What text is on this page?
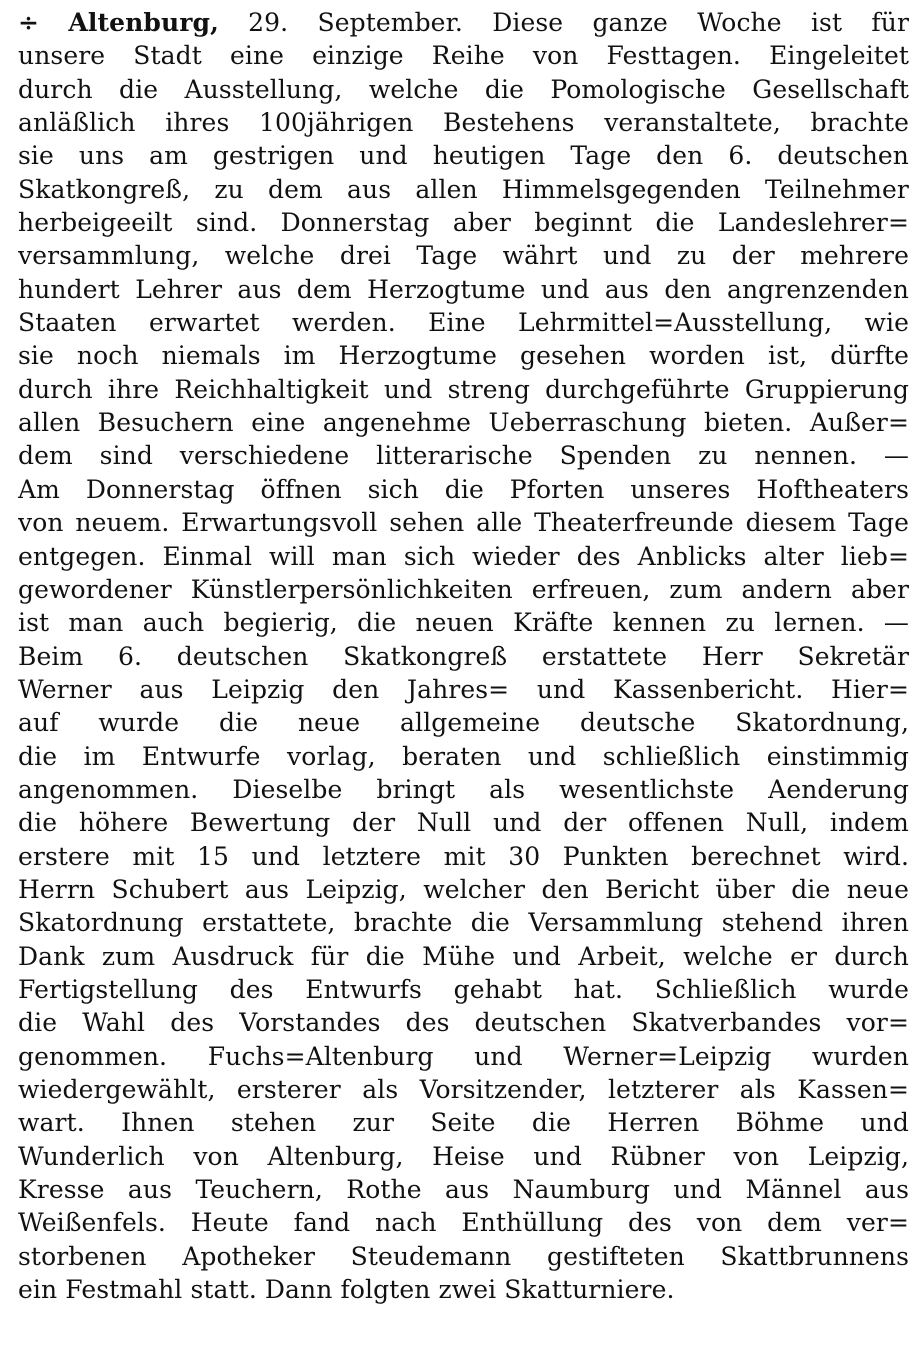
÷ Altenburg, 29. September. Diese ganze Woche ist für
unsere Stadt eine einzige Reihe von Festtagen. Eingeleitet
durch die Ausstellung, welche die Pomologische Gesellschaft
anläßlich ihres 100jährigen Bestehens veranstaltete, brachte
sie uns am gestrigen und heutigen Tage den 6. deutschen
Skatkongreß, zu dem aus allen Himmelsgegenden Teilnehmer
herbeigeeilt sind. Donnerstag aber beginnt die Landeslehrer=
versammlung, welche drei Tage währt und zu der mehrere
hundert Lehrer aus dem Herzogtume und aus den angrenzenden
Staaten erwartet werden. Eine Lehrmittel=Ausstellung, wie
sie noch niemals im Herzogtume gesehen worden ist, dürfte
durch ihre Reichhaltigkeit und streng durchgeführte Gruppierung
allen Besuchern eine angenehme Ueberraschung bieten. Außer=
dem sind verschiedene litterarische Spenden zu nennen. —
Am Donnerstag öffnen sich die Pforten unseres Hoftheaters
von neuem. Erwartungsvoll sehen alle Theaterfreunde diesem Tage
entgegen. Einmal will man sich wieder des Anblicks alter lieb=
gewordener Künstlerpersönlichkeiten erfreuen, zum andern aber
ist man auch begierig, die neuen Kräfte kennen zu lernen. —
Beim 6. deutschen Skatkongreß erstattete Herr Sekretär
Werner aus Leipzig den Jahres= und Kassenbericht. Hier=
auf wurde die neue allgemeine deutsche Skatordnung,
die im Entwurfe vorlag, beraten und schließlich einstimmig
angenommen. Dieselbe bringt als wesentlichste Aenderung
die höhere Bewertung der Null und der offenen Null, indem
erstere mit 15 und letztere mit 30 Punkten berechnet wird.
Herrn Schubert aus Leipzig, welcher den Bericht über die neue
Skatordnung erstattete, brachte die Versammlung stehend ihren
Dank zum Ausdruck für die Mühe und Arbeit, welche er durch
Fertigstellung des Entwurfs gehabt hat. Schließlich wurde
die Wahl des Vorstandes des deutschen Skatverbandes vor=
genommen. Fuchs=Altenburg und Werner=Leipzig wurden
wiedergewählt, ersterer als Vorsitzender, letzterer als Kassen=
wart. Ihnen stehen zur Seite die Herren Böhme und
Wunderlich von Altenburg, Heise und Rübner von Leipzig,
Kresse aus Teuchern, Rothe aus Naumburg und Männel aus
Weißenfels. Heute fand nach Enthüllung des von dem ver=
storbenen Apotheker Steudemann gestifteten Skattbrunnens
ein Festmahl statt. Dann folgten zwei Skatturniere.
